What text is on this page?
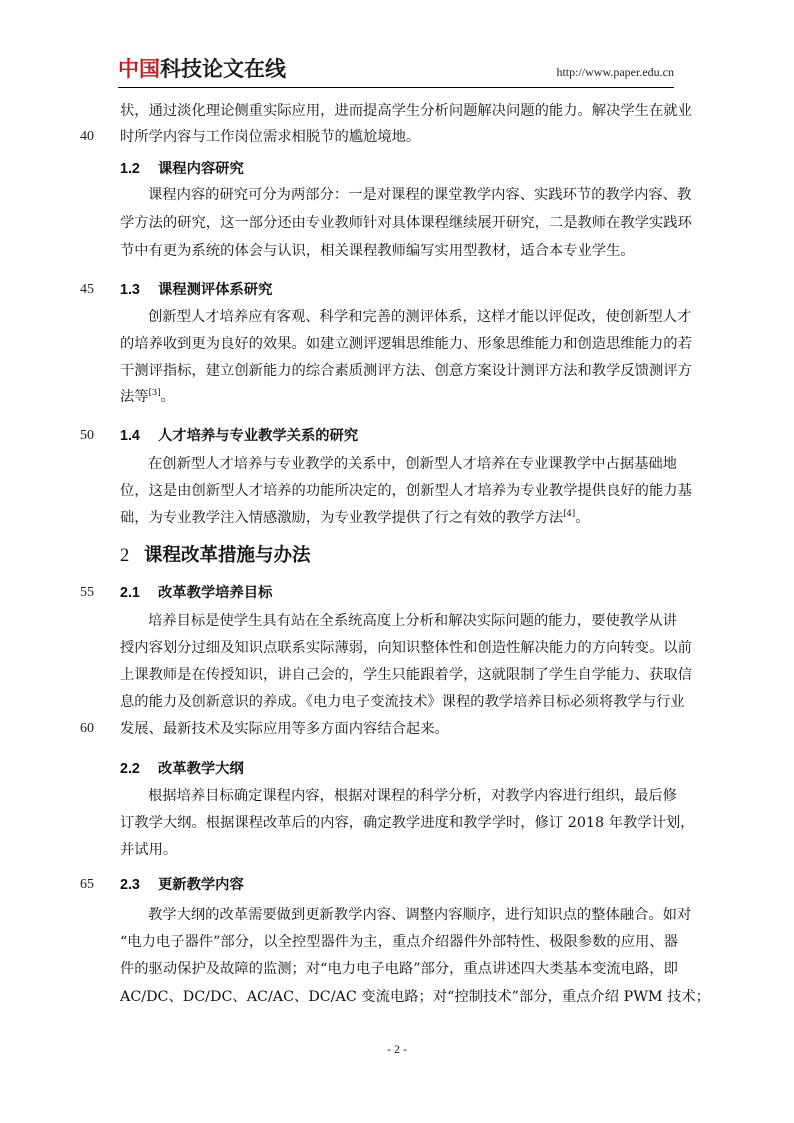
中国科技论文在线	http://www.paper.edu.cn
状，通过淡化理论侧重实际应用，进而提高学生分析问题解决问题的能力。解决学生在就业
40	时所学内容与工作岗位需求相脱节的尴尬境地。
1.2 课程内容研究
课程内容的研究可分为两部分：一是对课程的课堂教学内容、实践环节的教学内容、教
学方法的研究，这一部分还由专业教师针对具体课程继续展开研究，二是教师在教学实践环
节中有更为系统的体会与认识，相关课程教师编写实用型教材，适合本专业学生。
45	1.3 课程测评体系研究
创新型人才培养应有客观、科学和完善的测评体系，这样才能以评促改，使创新型人才
的培养收到更为良好的效果。如建立测评逻辑思维能力、形象思维能力和创造思维能力的若
干测评指标，建立创新能力的综合素质测评方法、创意方案设计测评方法和教学反馈测评方
法等[3]。
50	1.4 人才培养与专业教学关系的研究
在创新型人才培养与专业教学的关系中，创新型人才培养在专业课教学中占据基础地
位，这是由创新型人才培养的功能所决定的，创新型人才培养为专业教学提供良好的能力基
础，为专业教学注入情感激励，为专业教学提供了行之有效的教学方法[4]。
2 课程改革措施与办法
55	2.1 改革教学培养目标
培养目标是使学生具有站在全系统高度上分析和解决实际问题的能力，要使教学从讲
授内容划分过细及知识点联系实际薄弱，向知识整体性和创造性解决能力的方向转变。以前
上课教师是在传授知识，讲自己会的，学生只能跟着学，这就限制了学生自学能力、获取信
息的能力及创新意识的养成。《电力电子变流技术》课程的教学培养目标必须将教学与行业
60	发展、最新技术及实际应用等多方面内容结合起来。
2.2 改革教学大纲
根据培养目标确定课程内容，根据对课程的科学分析，对教学内容进行组织，最后修
订教学大纲。根据课程改革后的内容，确定教学进度和教学学时，修订 2018 年教学计划，
并试用。
65	2.3 更新教学内容
教学大纲的改革需要做到更新教学内容、调整内容顺序，进行知识点的整体融合。如对
“电力电子器件”部分，以全控型器件为主，重点介绍器件外部特性、极限参数的应用、器
件的驱动保护及故障的监测；对“电力电子电路”部分，重点讲述四大类基本变流电路，即
AC/DC、DC/DC、AC/AC、DC/AC 变流电路；对“控制技术”部分，重点介绍 PWM 技术；
- 2 -
